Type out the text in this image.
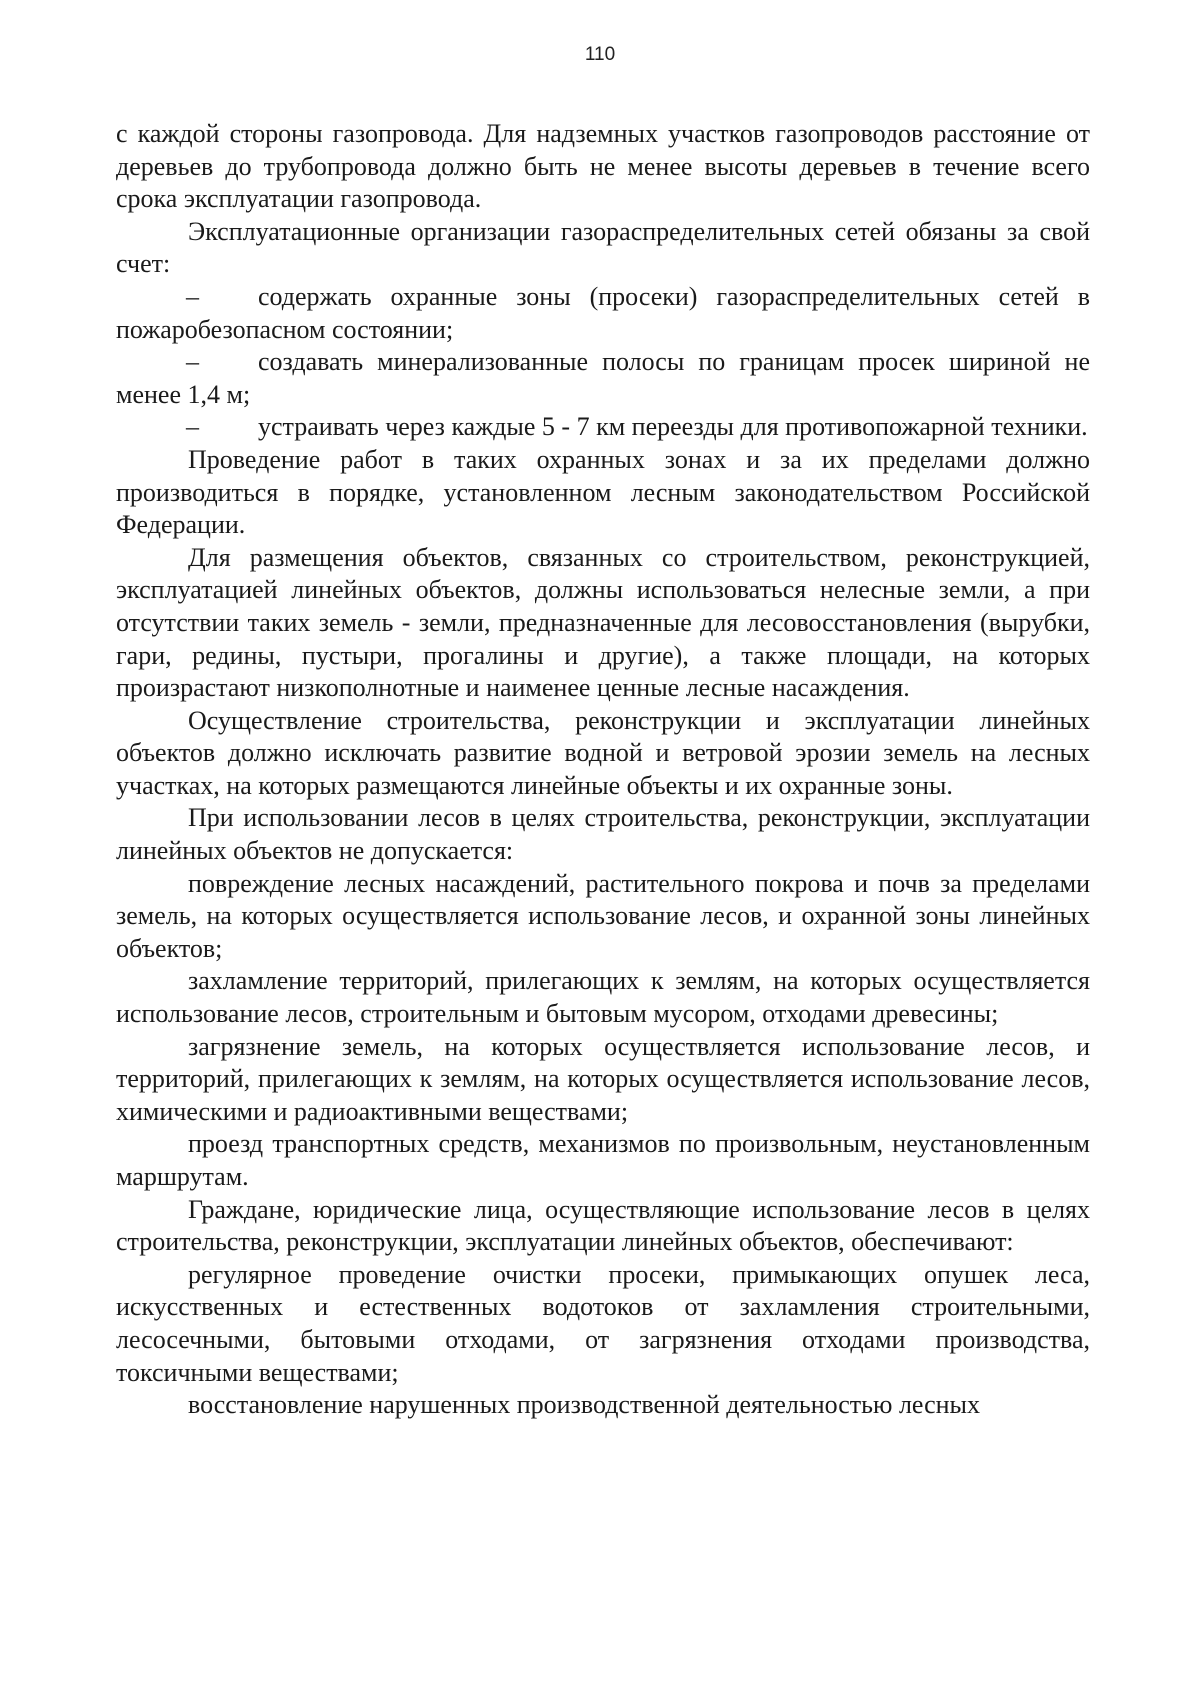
110

с каждой стороны газопровода. Для надземных участков газопроводов расстояние от деревьев до трубопровода должно быть не менее высоты деревьев в течение всего срока эксплуатации газопровода.

Эксплуатационные организации газораспределительных сетей обязаны за свой счет:

– содержать охранные зоны (просеки) газораспределительных сетей в пожаробезопасном состоянии;

– создавать минерализованные полосы по границам просек шириной не менее 1,4 м;

– устраивать через каждые 5 - 7 км переезды для противопожарной техники.

Проведение работ в таких охранных зонах и за их пределами должно производиться в порядке, установленном лесным законодательством Российской Федерации.

Для размещения объектов, связанных со строительством, реконструкцией, эксплуатацией линейных объектов, должны использоваться нелесные земли, а при отсутствии таких земель - земли, предназначенные для лесовосстановления (вырубки, гари, редины, пустыри, прогалины и другие), а также площади, на которых произрастают низкополнотные и наименее ценные лесные насаждения.

Осуществление строительства, реконструкции и эксплуатации линейных объектов должно исключать развитие водной и ветровой эрозии земель на лесных участках, на которых размещаются линейные объекты и их охранные зоны.

При использовании лесов в целях строительства, реконструкции, эксплуатации линейных объектов не допускается:

повреждение лесных насаждений, растительного покрова и почв за пределами земель, на которых осуществляется использование лесов, и охранной зоны линейных объектов;

захламление территорий, прилегающих к землям, на которых осуществляется использование лесов, строительным и бытовым мусором, отходами древесины;

загрязнение земель, на которых осуществляется использование лесов, и территорий, прилегающих к землям, на которых осуществляется использование лесов, химическими и радиоактивными веществами;

проезд транспортных средств, механизмов по произвольным, неустановленным маршрутам.

Граждане, юридические лица, осуществляющие использование лесов в целях строительства, реконструкции, эксплуатации линейных объектов, обеспечивают:

регулярное проведение очистки просеки, примыкающих опушек леса, искусственных и естественных водотоков от захламления строительными, лесосечными, бытовыми отходами, от загрязнения отходами производства, токсичными веществами;

восстановление нарушенных производственной деятельностью лесных
